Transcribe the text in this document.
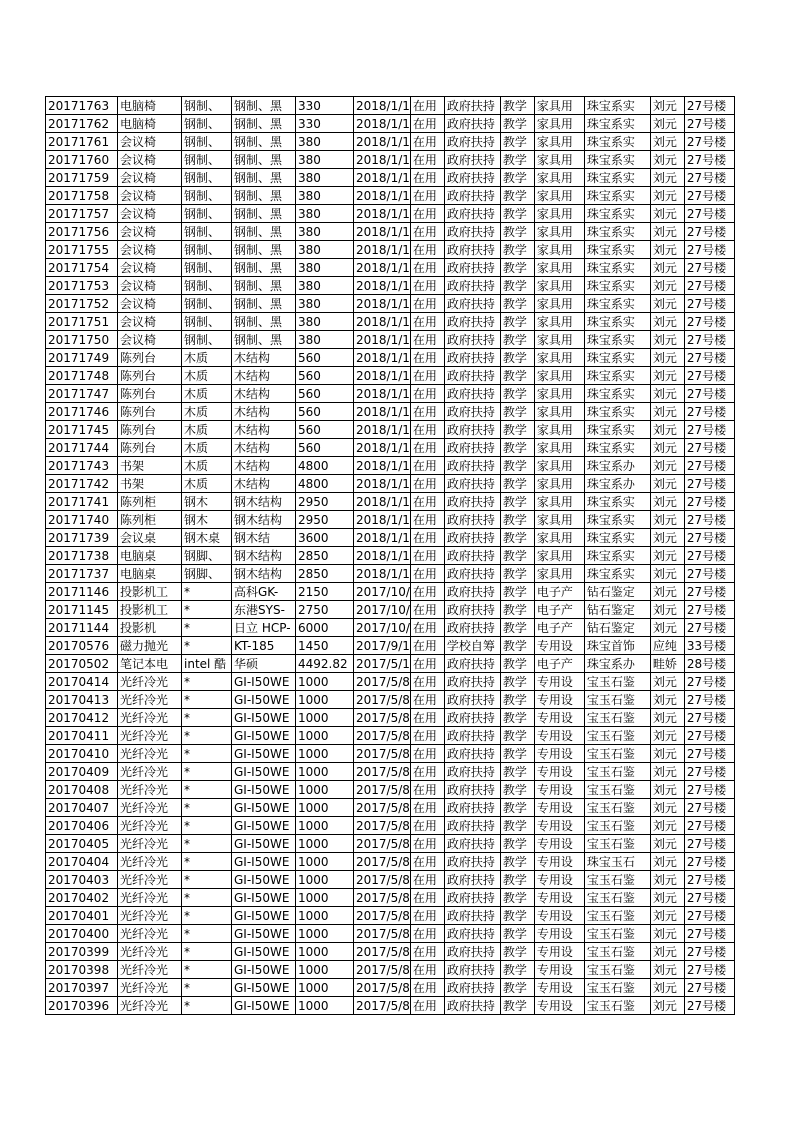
20171763	电脑椅	钢制、	钢制、黑	330	2018/1/1	在用	政府扶持	教学	家具用	珠宝系实	刘元	27号楼
20171762	电脑椅	钢制、	钢制、黑	330	2018/1/1	在用	政府扶持	教学	家具用	珠宝系实	刘元	27号楼
20171761	会议椅	钢制、	钢制、黑	380	2018/1/1	在用	政府扶持	教学	家具用	珠宝系实	刘元	27号楼
20171760	会议椅	钢制、	钢制、黑	380	2018/1/1	在用	政府扶持	教学	家具用	珠宝系实	刘元	27号楼
20171759	会议椅	钢制、	钢制、黑	380	2018/1/1	在用	政府扶持	教学	家具用	珠宝系实	刘元	27号楼
20171758	会议椅	钢制、	钢制、黑	380	2018/1/1	在用	政府扶持	教学	家具用	珠宝系实	刘元	27号楼
20171757	会议椅	钢制、	钢制、黑	380	2018/1/1	在用	政府扶持	教学	家具用	珠宝系实	刘元	27号楼
20171756	会议椅	钢制、	钢制、黑	380	2018/1/1	在用	政府扶持	教学	家具用	珠宝系实	刘元	27号楼
20171755	会议椅	钢制、	钢制、黑	380	2018/1/1	在用	政府扶持	教学	家具用	珠宝系实	刘元	27号楼
20171754	会议椅	钢制、	钢制、黑	380	2018/1/1	在用	政府扶持	教学	家具用	珠宝系实	刘元	27号楼
20171753	会议椅	钢制、	钢制、黑	380	2018/1/1	在用	政府扶持	教学	家具用	珠宝系实	刘元	27号楼
20171752	会议椅	钢制、	钢制、黑	380	2018/1/1	在用	政府扶持	教学	家具用	珠宝系实	刘元	27号楼
20171751	会议椅	钢制、	钢制、黑	380	2018/1/1	在用	政府扶持	教学	家具用	珠宝系实	刘元	27号楼
20171750	会议椅	钢制、	钢制、黑	380	2018/1/1	在用	政府扶持	教学	家具用	珠宝系实	刘元	27号楼
20171749	陈列台	木质	木结构	560	2018/1/1	在用	政府扶持	教学	家具用	珠宝系实	刘元	27号楼
20171748	陈列台	木质	木结构	560	2018/1/1	在用	政府扶持	教学	家具用	珠宝系实	刘元	27号楼
20171747	陈列台	木质	木结构	560	2018/1/1	在用	政府扶持	教学	家具用	珠宝系实	刘元	27号楼
20171746	陈列台	木质	木结构	560	2018/1/1	在用	政府扶持	教学	家具用	珠宝系实	刘元	27号楼
20171745	陈列台	木质	木结构	560	2018/1/1	在用	政府扶持	教学	家具用	珠宝系实	刘元	27号楼
20171744	陈列台	木质	木结构	560	2018/1/1	在用	政府扶持	教学	家具用	珠宝系实	刘元	27号楼
20171743	书架	木质	木结构	4800	2018/1/1	在用	政府扶持	教学	家具用	珠宝系办	刘元	27号楼
20171742	书架	木质	木结构	4800	2018/1/1	在用	政府扶持	教学	家具用	珠宝系办	刘元	27号楼
20171741	陈列柜	钢木	钢木结构	2950	2018/1/1	在用	政府扶持	教学	家具用	珠宝系实	刘元	27号楼
20171740	陈列柜	钢木	钢木结构	2950	2018/1/1	在用	政府扶持	教学	家具用	珠宝系实	刘元	27号楼
20171739	会议桌	钢木桌	钢木结	3600	2018/1/1	在用	政府扶持	教学	家具用	珠宝系实	刘元	27号楼
20171738	电脑桌	钢脚、	钢木结构	2850	2018/1/1	在用	政府扶持	教学	家具用	珠宝系实	刘元	27号楼
20171737	电脑桌	钢脚、	钢木结构	2850	2018/1/1	在用	政府扶持	教学	家具用	珠宝系实	刘元	27号楼
20171146	投影机工	*	高科GK-	2150	2017/10/	在用	政府扶持	教学	电子产	钻石鉴定	刘元	27号楼
20171145	投影机工	*	东港SYS-	2750	2017/10/	在用	政府扶持	教学	电子产	钻石鉴定	刘元	27号楼
20171144	投影机	*	日立 HCP-	6000	2017/10/	在用	政府扶持	教学	电子产	钻石鉴定	刘元	27号楼
20170576	磁力抛光	*	KT-185	1450	2017/9/1	在用	学校自筹	教学	专用设	珠宝首饰	应纯	33号楼
20170502	笔记本电	intel 酷	华硕	4492.82	2017/5/1	在用	政府扶持	教学	电子产	珠宝系办	畦娇	28号楼
20170414	光纤冷光	*	GI-I50WE	1000	2017/5/8	在用	政府扶持	教学	专用设	宝玉石鉴	刘元	27号楼
20170413	光纤冷光	*	GI-I50WE	1000	2017/5/8	在用	政府扶持	教学	专用设	宝玉石鉴	刘元	27号楼
20170412	光纤冷光	*	GI-I50WE	1000	2017/5/8	在用	政府扶持	教学	专用设	宝玉石鉴	刘元	27号楼
20170411	光纤冷光	*	GI-I50WE	1000	2017/5/8	在用	政府扶持	教学	专用设	宝玉石鉴	刘元	27号楼
20170410	光纤冷光	*	GI-I50WE	1000	2017/5/8	在用	政府扶持	教学	专用设	宝玉石鉴	刘元	27号楼
20170409	光纤冷光	*	GI-I50WE	1000	2017/5/8	在用	政府扶持	教学	专用设	宝玉石鉴	刘元	27号楼
20170408	光纤冷光	*	GI-I50WE	1000	2017/5/8	在用	政府扶持	教学	专用设	宝玉石鉴	刘元	27号楼
20170407	光纤冷光	*	GI-I50WE	1000	2017/5/8	在用	政府扶持	教学	专用设	宝玉石鉴	刘元	27号楼
20170406	光纤冷光	*	GI-I50WE	1000	2017/5/8	在用	政府扶持	教学	专用设	宝玉石鉴	刘元	27号楼
20170405	光纤冷光	*	GI-I50WE	1000	2017/5/8	在用	政府扶持	教学	专用设	宝玉石鉴	刘元	27号楼
20170404	光纤冷光	*	GI-I50WE	1000	2017/5/8	在用	政府扶持	教学	专用设	珠宝玉石	刘元	27号楼
20170403	光纤冷光	*	GI-I50WE	1000	2017/5/8	在用	政府扶持	教学	专用设	宝玉石鉴	刘元	27号楼
20170402	光纤冷光	*	GI-I50WE	1000	2017/5/8	在用	政府扶持	教学	专用设	宝玉石鉴	刘元	27号楼
20170401	光纤冷光	*	GI-I50WE	1000	2017/5/8	在用	政府扶持	教学	专用设	宝玉石鉴	刘元	27号楼
20170400	光纤冷光	*	GI-I50WE	1000	2017/5/8	在用	政府扶持	教学	专用设	宝玉石鉴	刘元	27号楼
20170399	光纤冷光	*	GI-I50WE	1000	2017/5/8	在用	政府扶持	教学	专用设	宝玉石鉴	刘元	27号楼
20170398	光纤冷光	*	GI-I50WE	1000	2017/5/8	在用	政府扶持	教学	专用设	宝玉石鉴	刘元	27号楼
20170397	光纤冷光	*	GI-I50WE	1000	2017/5/8	在用	政府扶持	教学	专用设	宝玉石鉴	刘元	27号楼
20170396	光纤冷光	*	GI-I50WE	1000	2017/5/8	在用	政府扶持	教学	专用设	宝玉石鉴	刘元	27号楼
